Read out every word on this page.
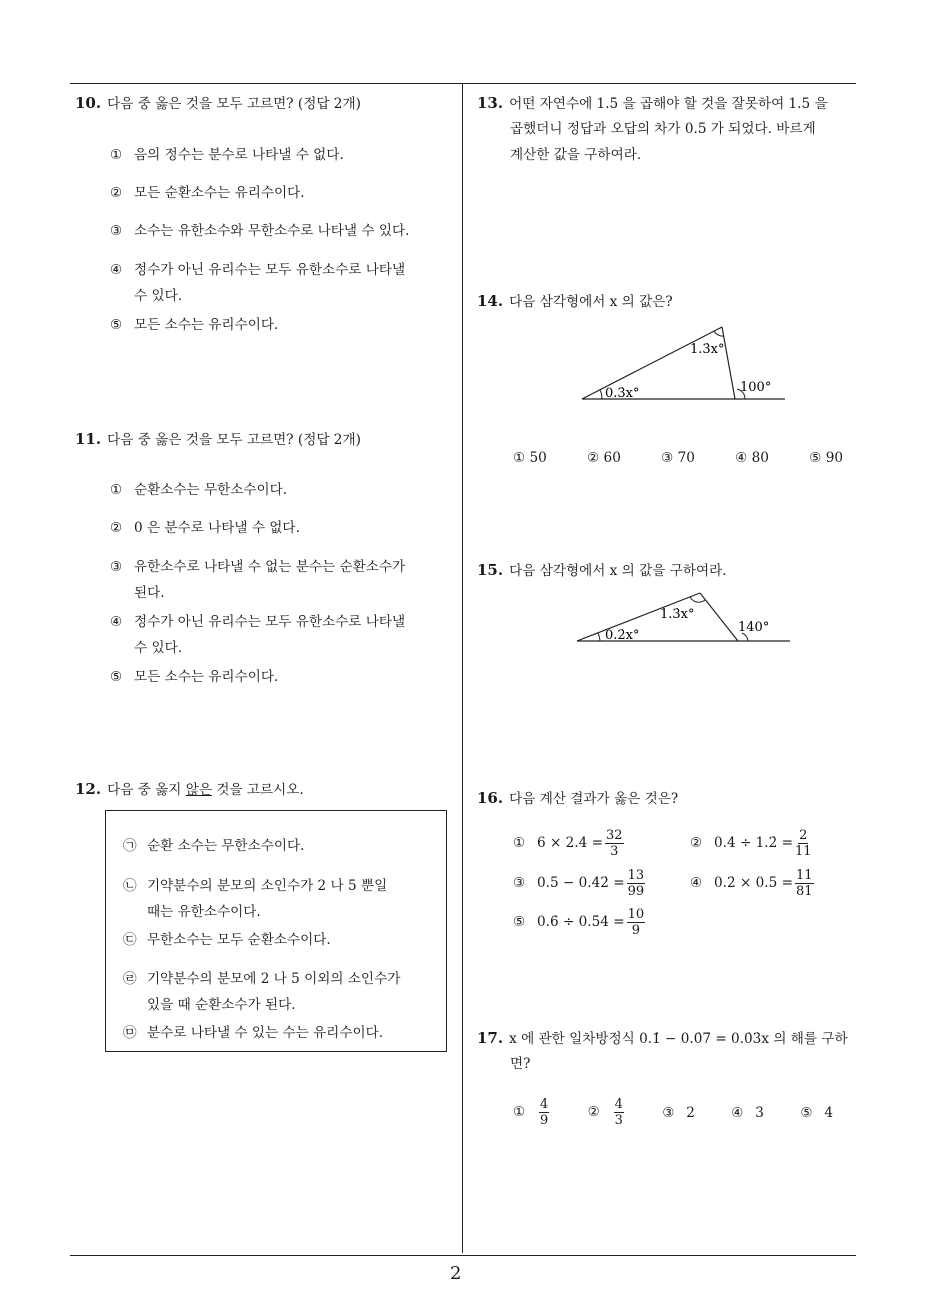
10. 다음 중 옳은 것을 모두 고르면? (정답 2개)
① 음의 정수는 분수로 나타낼 수 없다.
② 모든 순환소수는 유리수이다.
③ 소수는 유한소수와 무한소수로 나타낼 수 있다.
④ 정수가 아닌 유리수는 모두 유한소수로 나타낼
수 있다.
⑤ 모든 소수는 유리수이다.
11. 다음 중 옳은 것을 모두 고르면? (정답 2개)
① 순환소수는 무한소수이다.
② 0 은 분수로 나타낼 수 없다.
③ 유한소수로 나타낼 수 없는 분수는 순환소수가
된다.
④ 정수가 아닌 유리수는 모두 유한소수로 나타낼
수 있다.
⑤ 모든 소수는 유리수이다.
12. 다음 중 옳지 않은 것을 고르시오.
㉠ 순환 소수는 무한소수이다.
㉡ 기약분수의 분모의 소인수가 2 나 5 뿐일
때는 유한소수이다.
㉢ 무한소수는 모두 순환소수이다.
㉣ 기약분수의 분모에 2 나 5 이외의 소인수가
있을 때 순환소수가 된다.
㉤ 분수로 나타낼 수 있는 수는 유리수이다.
13. 어떤 자연수에 1.5̇ 을 곱해야 할 것을 잘못하여 1.5 을
곱했더니 정답과 오답의 차가 0.5 가 되었다. 바르게
계산한 값을 구하여라.
14. 다음 삼각형에서 x 의 값은?
1.3̇x°
0.3̇x°	100°
① 50	② 60	③ 70	④ 80	⑤ 90
15. 다음 삼각형에서 x 의 값을 구하여라.
1.3̇x°
0.2̇x°
140°
16. 다음 계산 결과가 옳은 것은?
① 6 × 2.4̇ = $\frac{32}{3}$	② 0.4̇ ÷ 1.2̇ = $\frac{2}{11}$
③ 0.5 − 0.4̇2̇ = $\frac{13}{99}$	④ 0.2̇ × $0.5 = \frac{11}{81}$
⑤ 0.6̇ ÷ 0.5̇4̇ = $\frac{10}{9}$
17. x 에 관한 일차방정식 0.1̇ − 0.0̇7̇ = 0.0̇3̇x 의 해를 구하
면?
① $\frac{4}{9}$	② $\frac{4}{3}$	③ 2	④ 3	⑤ 4
2
